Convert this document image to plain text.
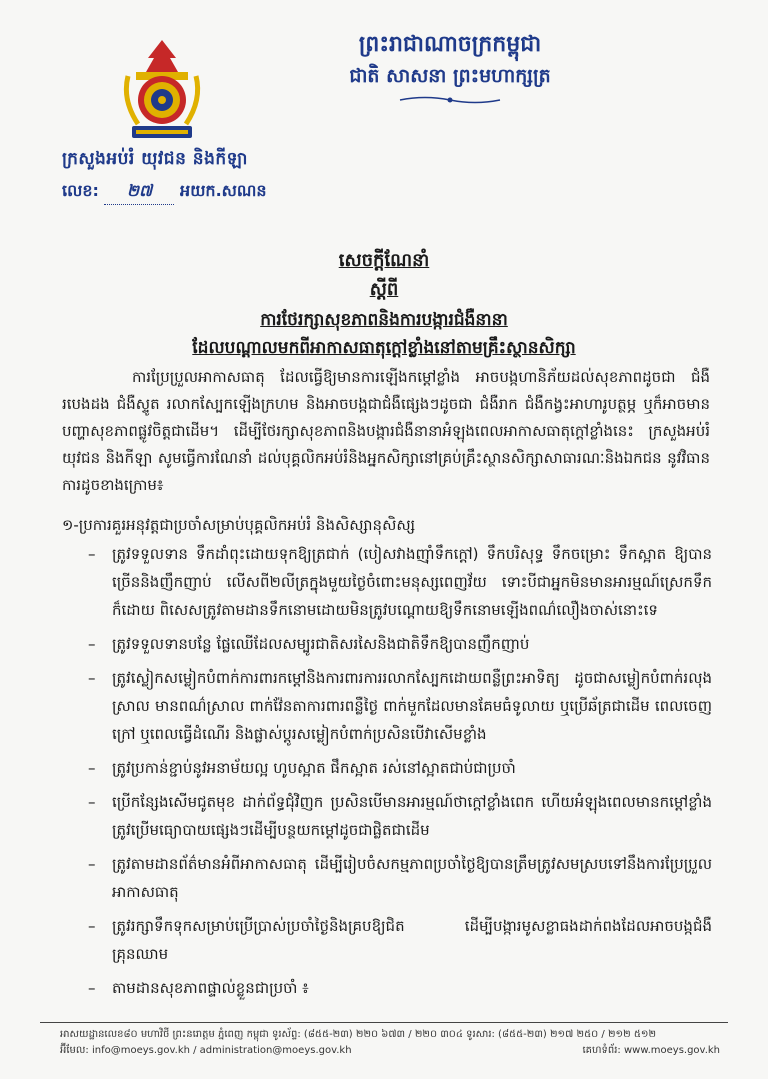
ព្រះរាជាណាចក្រកម្ពុជា
ជាតិ សាសនា ព្រះមហាក្សត្រ
ក្រសួងអប់រំ យុវជន និងកីឡា
លេខ: ២៧ អយក.សណន
សេចក្ដីណែនាំ
ស្ដីពី
ការថែរក្សាសុខភាពនិងការបង្ការជំងឺនានា
ដែលបណ្ដាលមកពីអាកាសធាតុក្ដៅខ្លាំងនៅតាមគ្រឹះស្ថានសិក្សា
ការប្រែប្រួលអាកាសធាតុ ដែលធ្វើឱ្យមានការឡើងកម្ដៅខ្លាំង អាចបង្កហានិភ័យដល់សុខភាពដូចជា ជំងឺរបេងដង ជំងឺស្ទូត រលាកស្បែកឡើងក្រហម និងអាចបង្កជាជំងឺផ្សេងៗដូចជា ជំងឺរាក ជំងឺកង្វះអាហារូបត្ថម្ភ ឬក៏អាចមានបញ្ហាសុខភាពផ្លូវចិត្តជាដើម។ ដើម្បីថែរក្សាសុខភាពនិងបង្ការជំងឺនានាអំឡុងពេលអាកាសធាតុក្ដៅខ្លាំងនេះ ក្រសួងអប់រំ យុវជន និងកីឡា សូមធ្វើការណែនាំ ដល់បុគ្គលិកអប់រំនិងអ្នកសិក្សានៅគ្រប់គ្រឹះស្ថានសិក្សាសាធារណៈនិងឯកជន នូវវិធានការដូចខាងក្រោម៖
១-ប្រការគួរអនុវត្តជាប្រចាំសម្រាប់បុគ្គលិកអប់រំ និងសិស្សានុសិស្ស
– ត្រូវទទួលទាន ទឹកដាំពុះដោយទុកឱ្យត្រជាក់ (បៀសវាងញ៉ាំទឹកក្ដៅ) ទឹកបរិសុទ្ធ ទឹកចម្រោះ ទឹកស្អាត ឱ្យបានច្រើននិងញឹកញាប់ លើសពី២លីត្រក្នុងមួយថ្ងៃចំពោះមនុស្សពេញវ័យ ទោះបីជាអ្នកមិនមានអារម្មណ៍ស្រេកទឹកក៏ដោយ ពិសេសត្រូវតាមដានទឹកនោមដោយមិនត្រូវបណ្ដោយឱ្យទឹកនោមឡើងពណ៌លឿងចាស់នោះទេ
– ត្រូវទទួលទានបន្លែ ផ្លែឈើដែលសម្បូរជាតិសរសៃនិងជាតិទឹកឱ្យបានញឹកញាប់
– ត្រូវស្លៀកសម្លៀកបំពាក់ការពារកម្ដៅនិងការពារការរលាកស្បែកដោយពន្លឺព្រះអាទិត្យ ដូចជាសម្លៀកបំពាក់រលុង ស្រាល មានពណ៌ស្រាល ពាក់វ៉ែនតាការពារពន្លឺថ្ងៃ ពាក់មួកដែលមានគែមធំទូលាយ ឬប្រើឆ័ត្រជាដើម ពេលចេញក្រៅ ឬពេលធ្វើដំណើរ និងផ្លាស់ប្ដូរសម្លៀកបំពាក់ប្រសិនបើវាសើមខ្លាំង
– ត្រូវប្រកាន់ខ្ជាប់នូវអនាម័យល្អ ហូបស្អាត ផឹកស្អាត រស់នៅស្អាតជាប់ជាប្រចាំ
– ប្រើកន្សែងសើមជូតមុខ ដាក់ព័ទ្ធជុំវិញក ប្រសិនបើមានអារម្មណ៍ថាក្ដៅខ្លាំងពេក ហើយអំឡុងពេលមានកម្ដៅខ្លាំងត្រូវប្រើមធ្យោបាយផ្សេងៗដើម្បីបន្ថយកម្ដៅដូចជាផ្លិតជាដើម
– ត្រូវតាមដានព័ត៌មានអំពីអាកាសធាតុ ដើម្បីរៀបចំសកម្មភាពប្រចាំថ្ងៃឱ្យបានត្រឹមត្រូវសមស្របទៅនឹងការប្រែប្រួលអាកាសធាតុ
– ត្រូវរក្សាទឹកទុកសម្រាប់ប្រើប្រាស់ប្រចាំថ្ងៃនិងគ្របឱ្យជិត ដើម្បីបង្ការមូសខ្លាធងដាក់ពងដែលអាចបង្កជំងឺគ្រុនឈាម
– តាមដានសុខភាពផ្ទាល់ខ្លួនជាប្រចាំ ៖
អាសយដ្ឋានលេខ៨០ មហាវិថី ព្រះនរោត្តម ភ្នំពេញ កម្ពុជា ទូរស័ព្ទ: (៨៥៥-២៣) ២២០ ៦៧៣ / ២២០ ៣០៤ ទូរសារ: (៨៥៥-២៣) ២១៧ ២៥០ / ២១២ ៥១២
អ៊ីមែល: info@moeys.gov.kh / administration@moeys.gov.kh	គេហទំព័រ: www.moeys.gov.kh
